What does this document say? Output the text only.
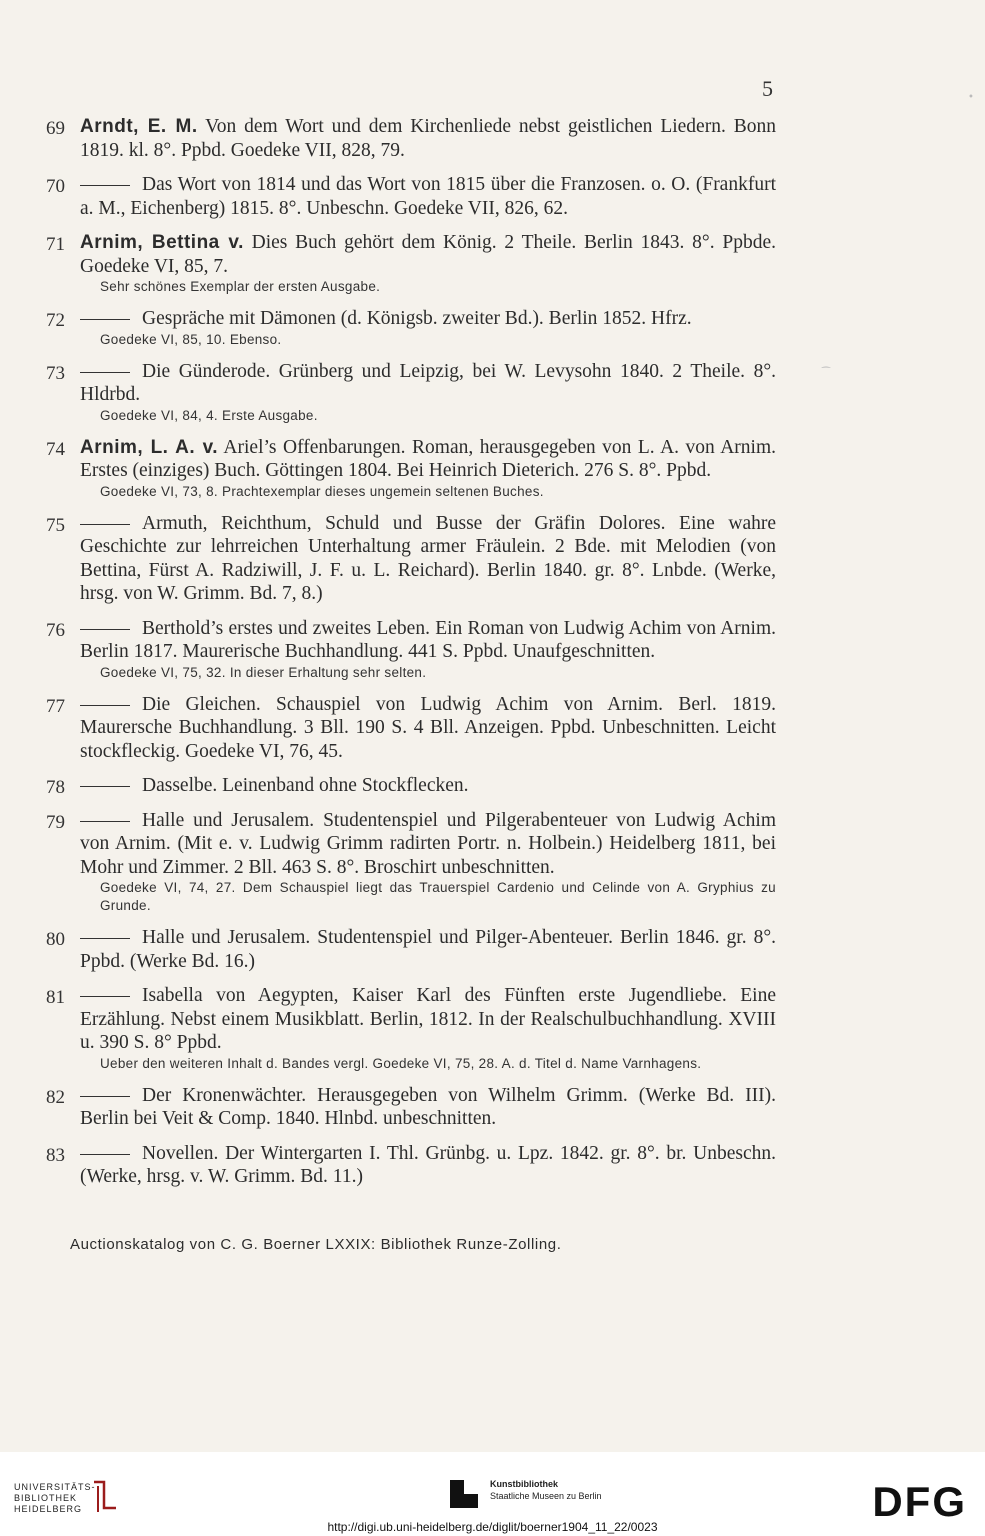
5
69 Arndt, E. M. Von dem Wort und dem Kirchenliede nebst geistlichen Liedern. Bonn 1819. kl. 8°. Ppbd. Goedeke VII, 828, 79.
70	Das Wort von 1814 und das Wort von 1815 über die Franzosen. o. O. (Frankfurt a. M., Eichenberg) 1815. 8°. Unbeschn. Goedeke VII, 826, 62.
71 Arnim, Bettina v. Dies Buch gehört dem König. 2 Theile. Berlin 1843. 8°. Ppbde. Goedeke VI, 85, 7.
Sehr schönes Exemplar der ersten Ausgabe.
72	Gespräche mit Dämonen (d. Königsb. zweiter Bd.). Berlin 1852. Hfrz.
Goedeke VI, 85, 10. Ebenso.
73	Die Günderode. Grünberg und Leipzig, bei W. Levysohn 1840. 2 Theile. 8°. Hldrbd.
Goedeke VI, 84, 4. Erste Ausgabe.
74 Arnim, L. A. v. Ariel’s Offenbarungen. Roman, herausgegeben von L. A. von Arnim. Erstes (einziges) Buch. Göttingen 1804. Bei Heinrich Dieterich. 276 S. 8°. Ppbd.
Goedeke VI, 73, 8. Prachtexemplar dieses ungemein seltenen Buches.
75	Armuth, Reichthum, Schuld und Busse der Gräfin Dolores. Eine wahre Geschichte zur lehrreichen Unterhaltung armer Fräulein. 2 Bde. mit Melodien (von Bettina, Fürst A. Radziwill, J. F. u. L. Reichard). Berlin 1840. gr. 8°. Lnbde. (Werke, hrsg. von W. Grimm. Bd. 7, 8.)
76	Berthold’s erstes und zweites Leben. Ein Roman von Ludwig Achim von Arnim. Berlin 1817. Maurerische Buchhandlung. 441 S. Ppbd. Unaufgeschnitten.
Goedeke VI, 75, 32. In dieser Erhaltung sehr selten.
77	Die Gleichen. Schauspiel von Ludwig Achim von Arnim. Berl. 1819. Maurersche Buchhandlung. 3 Bll. 190 S. 4 Bll. Anzeigen. Ppbd. Unbeschnitten. Leicht stockfleckig. Goedeke VI, 76, 45.
78	Dasselbe. Leinenband ohne Stockflecken.
79	Halle und Jerusalem. Studentenspiel und Pilgerabenteuer von Ludwig Achim von Arnim. (Mit e. v. Ludwig Grimm radirten Portr. n. Holbein.) Heidelberg 1811, bei Mohr und Zimmer. 2 Bll. 463 S. 8°. Broschirt unbeschnitten.
Goedeke VI, 74, 27. Dem Schauspiel liegt das Trauerspiel Cardenio und Celinde von A. Gryphius zu Grunde.
80	Halle und Jerusalem. Studentenspiel und Pilger-Abenteuer. Berlin 1846. gr. 8°. Ppbd. (Werke Bd. 16.)
81	Isabella von Aegypten, Kaiser Karl des Fünften erste Jugendliebe. Eine Erzählung. Nebst einem Musikblatt. Berlin, 1812. In der Realschulbuchhandlung. XVIII u. 390 S. 8° Ppbd.
Ueber den weiteren Inhalt d. Bandes vergl. Goedeke VI, 75, 28. A. d. Titel d. Name Varnhagens.
82	Der Kronenwächter. Herausgegeben von Wilhelm Grimm. (Werke Bd. III). Berlin bei Veit & Comp. 1840. Hlnbd. unbeschnitten.
83	Novellen. Der Wintergarten I. Thl. Grünbg. u. Lpz. 1842. gr. 8°. br. Unbeschn. (Werke, hrsg. v. W. Grimm. Bd. 11.)
Auctionskatalog von C. G. Boerner LXXIX: Bibliothek Runze-Zolling.
•
⁀
UNIVERSITÄTS-
BIBLIOTHEK
HEIDELBERG
Kunstbibliothek
Staatliche Museen zu Berlin	DFG
http://digi.ub.uni-heidelberg.de/diglit/boerner1904_11_22/0023
